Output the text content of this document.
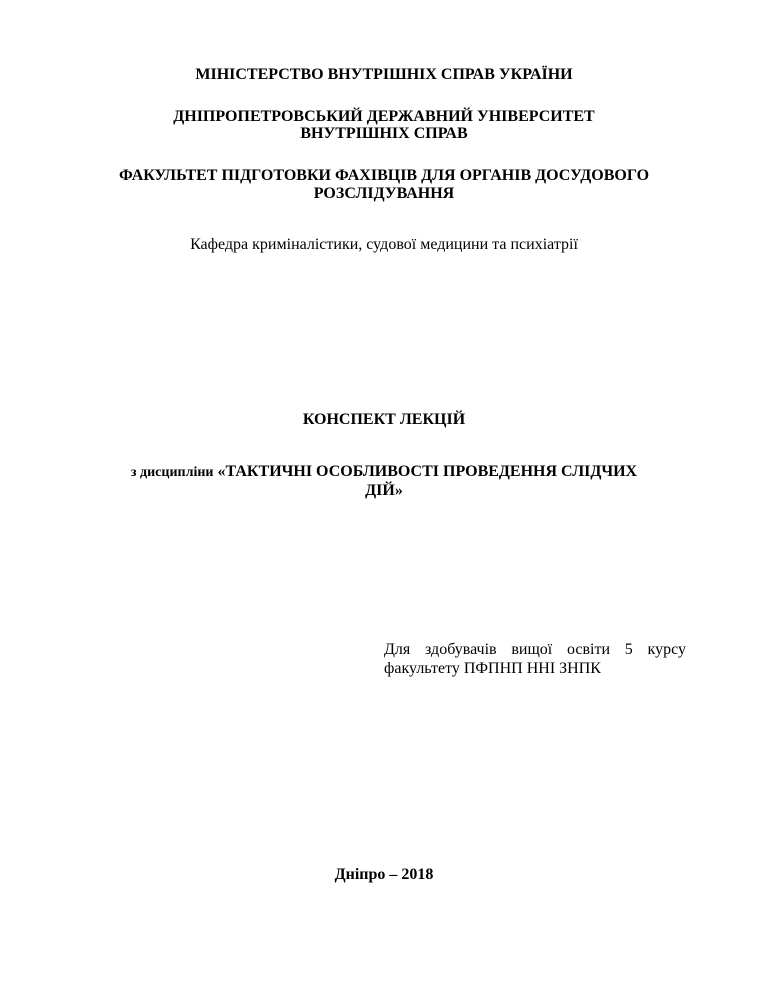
МІНІСТЕРСТВО ВНУТРІШНІХ СПРАВ УКРАЇНИ
ДНІПРОПЕТРОВСЬКИЙ ДЕРЖАВНИЙ УНІВЕРСИТЕТ
ВНУТРІШНІХ СПРАВ
ФАКУЛЬТЕТ ПІДГОТОВКИ ФАХІВЦІВ ДЛЯ ОРГАНІВ ДОСУДОВОГО
РОЗСЛІДУВАННЯ
Кафедра криміналістики, судової медицини та психіатрії
КОНСПЕКТ ЛЕКЦІЙ
з дисципліни «ТАКТИЧНІ ОСОБЛИВОСТІ ПРОВЕДЕННЯ СЛІДЧИХ
ДІЙ»
Для здобувачів вищої освіти 5 курсу
факультету ПФПНП ННІ ЗНПК
Дніпро – 2018
